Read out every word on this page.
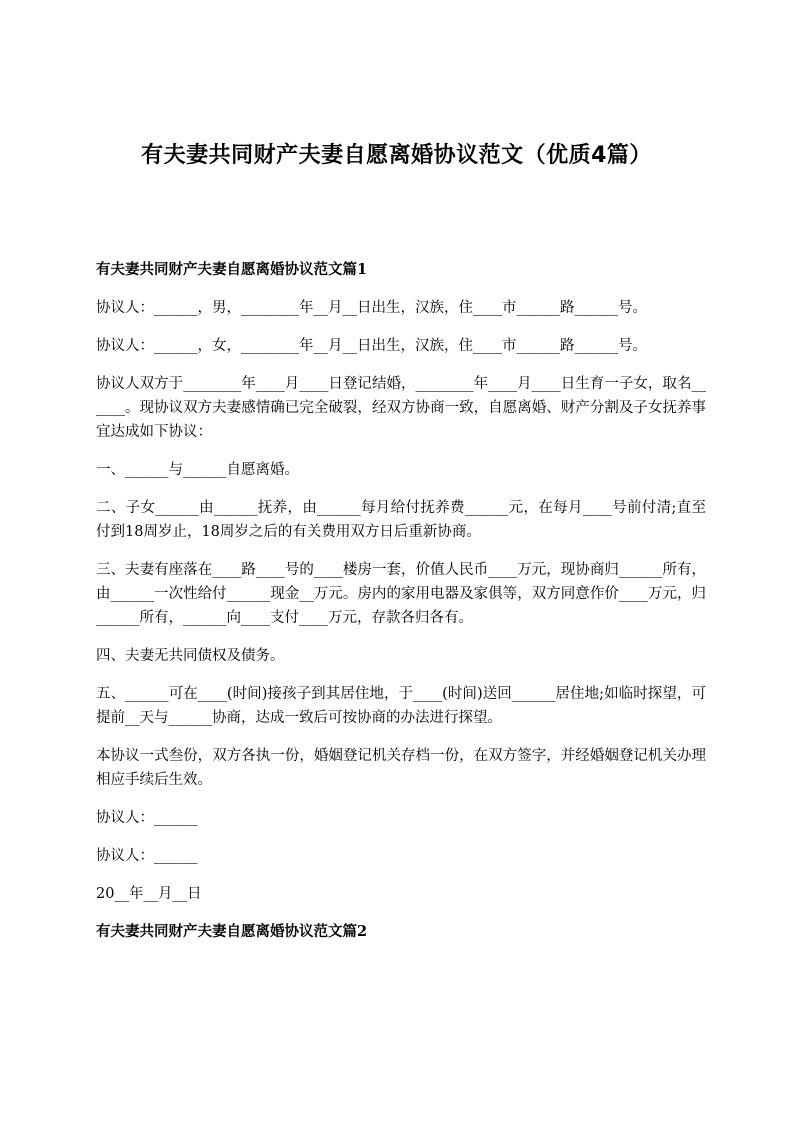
有夫妻共同财产夫妻自愿离婚协议范文（优质4篇）
有夫妻共同财产夫妻自愿离婚协议范文篇1

协议人：______，男，________年__月__日出生，汉族，住____市______路______号。

协议人：______，女，________年__月__日出生，汉族，住____市______路______号。

协议人双方于________年____月____日登记结婚，________年____月____日生育一子女，取名______。现协议双方夫妻感情确已完全破裂，经双方协商一致，自愿离婚、财产分割及子女抚养事宜达成如下协议：

一、______与______自愿离婚。

二、子女______由______抚养，由______每月给付抚养费______元，在每月____号前付清;直至付到18周岁止，18周岁之后的有关费用双方日后重新协商。

三、夫妻有座落在____路____号的____楼房一套，价值人民币____万元，现协商归______所有，由______一次性给付______现金__万元。房内的家用电器及家俱等，双方同意作价____万元，归______所有，______向____支付____万元，存款各归各有。

四、夫妻无共同债权及债务。

五、______可在____(时间)接孩子到其居住地，于____(时间)送回______居住地;如临时探望，可提前__天与______协商，达成一致后可按协商的办法进行探望。

本协议一式叁份，双方各执一份，婚姻登记机关存档一份，在双方签字，并经婚姻登记机关办理相应手续后生效。

协议人：______

协议人：______

20__年__月__日

有夫妻共同财产夫妻自愿离婚协议范文篇2
